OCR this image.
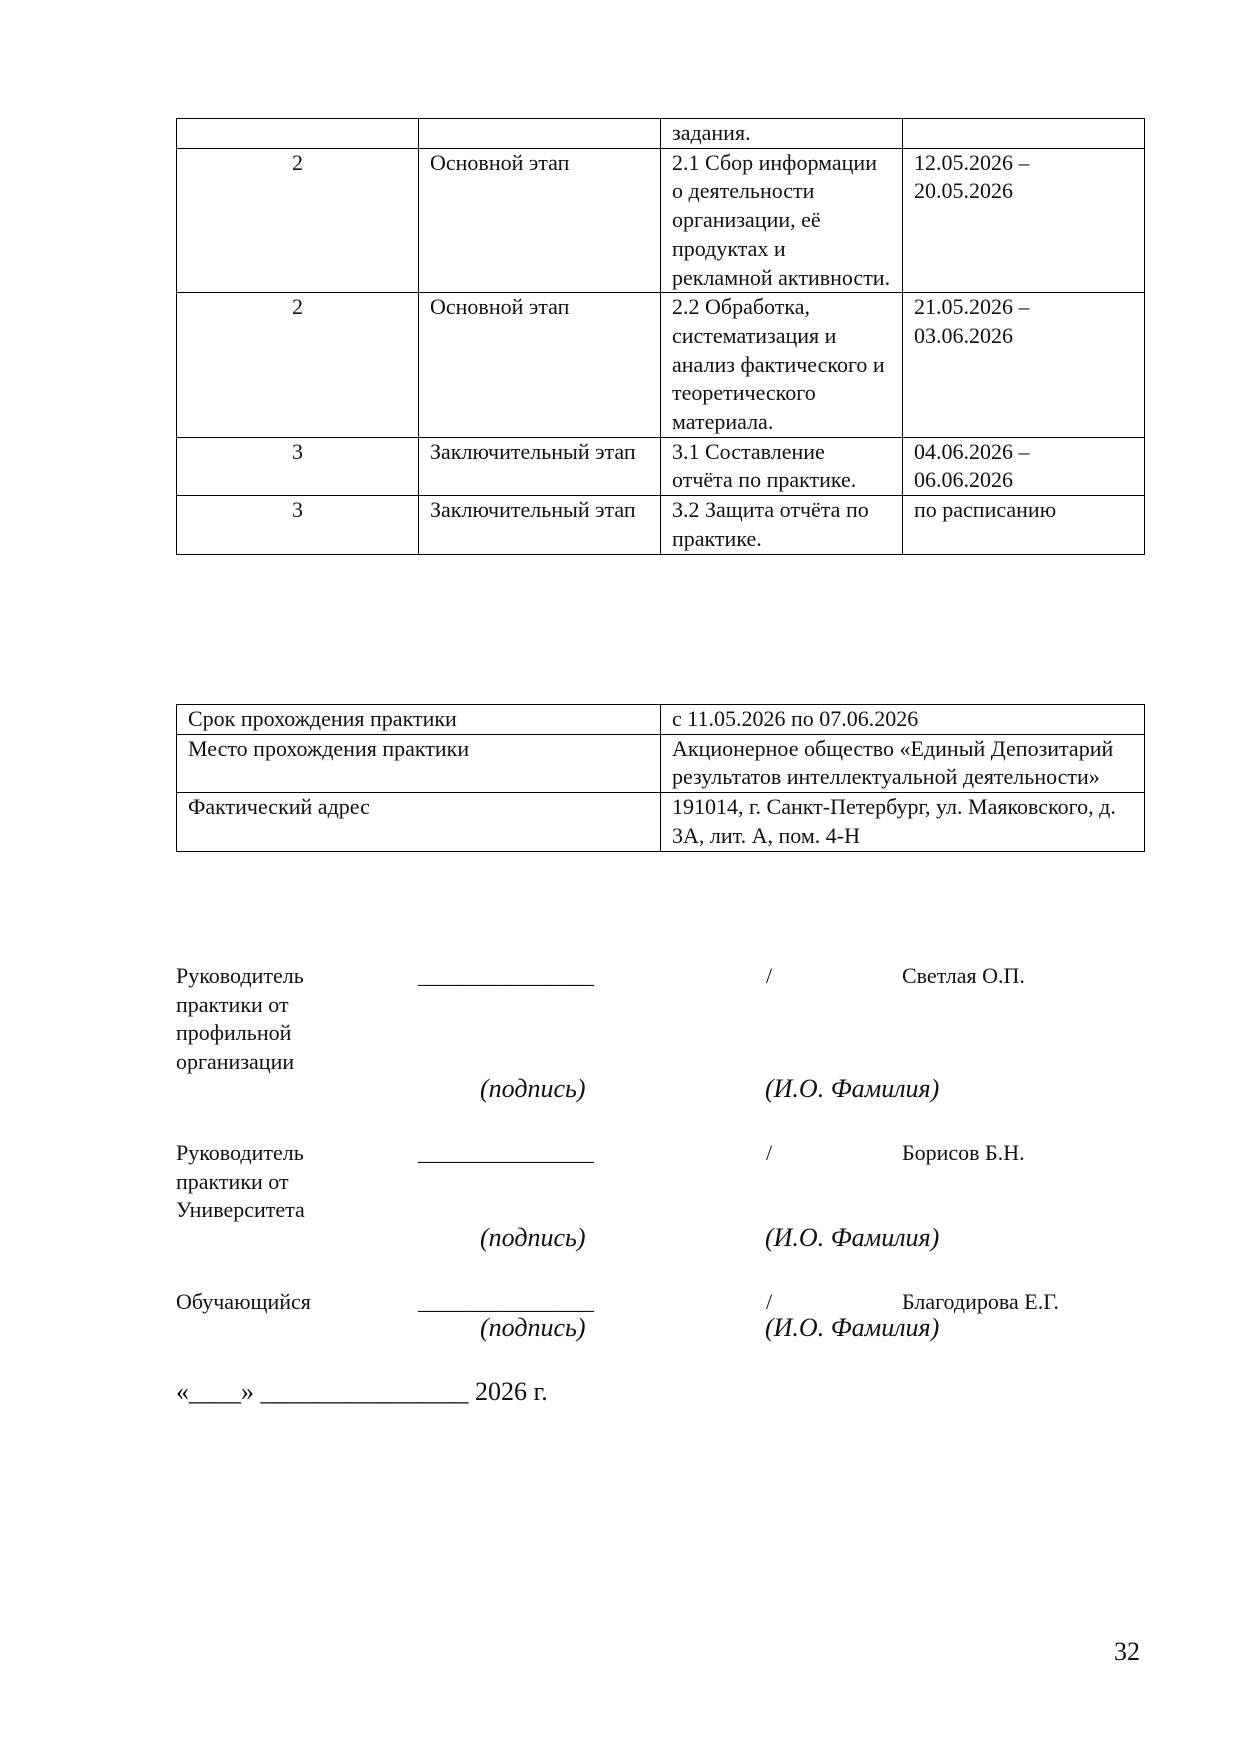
		задания.	
2	Основной этап	2.1 Сбор информации о деятельности организации, её продуктах и рекламной активности.	12.05.2026 – 20.05.2026
2	Основной этап	2.2 Обработка, систематизация и анализ фактического и теоретического материала.	21.05.2026 – 03.06.2026
3	Заключительный этап	3.1 Составление отчёта по практике.	04.06.2026 – 06.06.2026
3	Заключительный этап	3.2 Защита отчёта по практике.	по расписанию
Срок прохождения практики	с 11.05.2026 по 07.06.2026
Место прохождения практики	Акционерное общество «Единый Депозитарий результатов интеллектуальной деятельности»
Фактический адрес	191014, г. Санкт-Петербург, ул. Маяковского, д. 3А, лит. А, пом. 4-Н
Руководитель практики от профильной организации
________________	/	Светлая О.П.
(подпись)	(И.О. Фамилия)
Руководитель практики от Университета
________________	/	Борисов Б.Н.
(подпись)	(И.О. Фамилия)
Обучающийся	________________	/	Благодирова Е.Г.
(подпись)	(И.О. Фамилия)
«____» ________________ 2026 г.
32
